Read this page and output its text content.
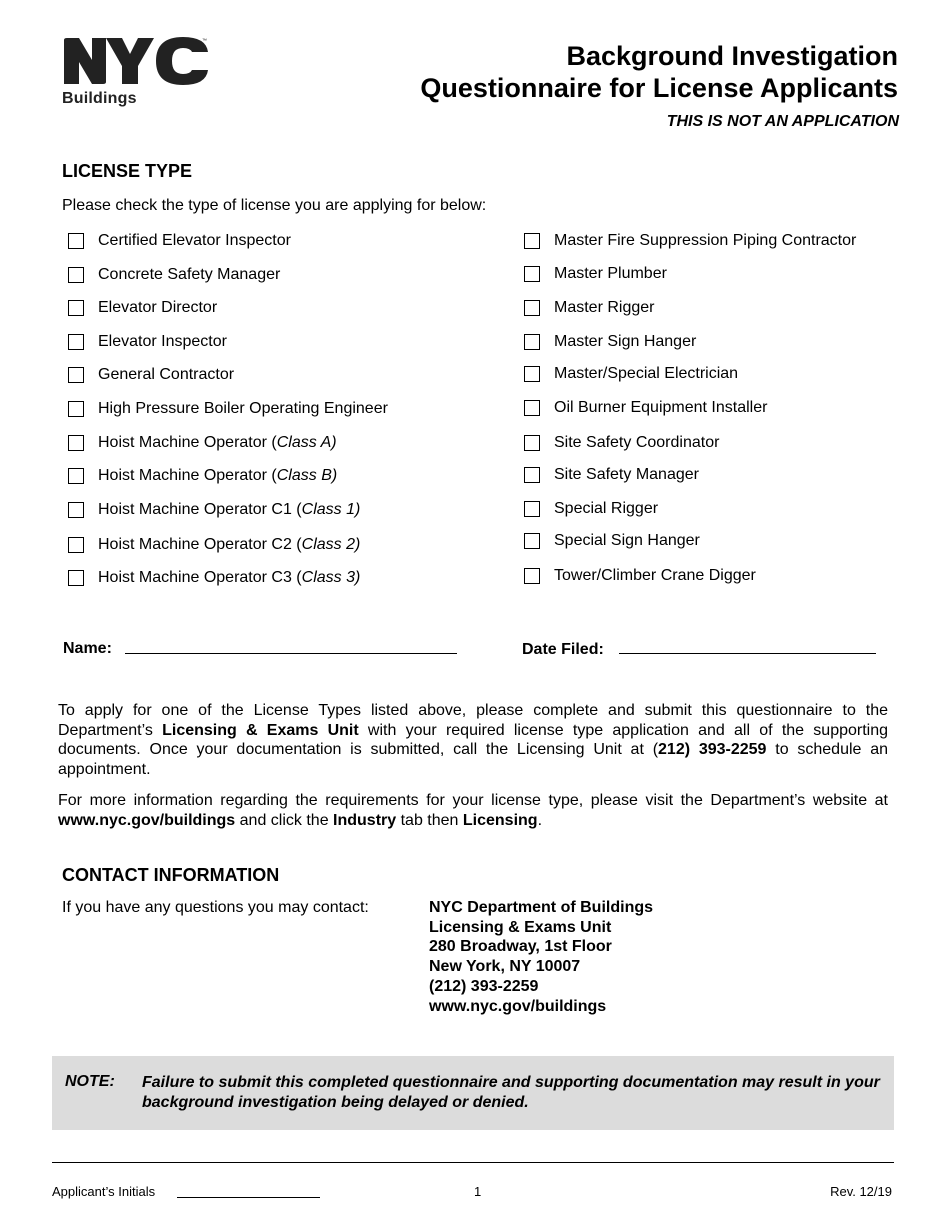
™
Buildings
Background Investigation
Questionnaire for License Applicants
THIS IS NOT AN APPLICATION
LICENSE TYPE
Please check the type of license you are applying for below:
Certified Elevator Inspector
Concrete Safety Manager
Elevator Director
Elevator Inspector
General Contractor
High Pressure Boiler Operating Engineer
Hoist Machine Operator (Class A)
Hoist Machine Operator (Class B)
Hoist Machine Operator C1 (Class 1)
Hoist Machine Operator C2 (Class 2)
Hoist Machine Operator C3 (Class 3)
Master Fire Suppression Piping Contractor
Master Plumber
Master Rigger
Master Sign Hanger
Master/Special Electrician
Oil Burner Equipment Installer
Site Safety Coordinator
Site Safety Manager
Special Rigger
Special Sign Hanger
Tower/Climber Crane Digger
Name:	Date Filed:
To apply for one of the License Types listed above, please complete and submit this questionnaire to the Department’s Licensing & Exams Unit with your required license type application and all of the supporting documents. Once your documentation is submitted, call the Licensing Unit at (212) 393-2259 to schedule an appointment.
For more information regarding the requirements for your license type, please visit the Department’s website at www.nyc.gov/buildings and click the Industry tab then Licensing.
CONTACT INFORMATION
If you have any questions you may contact:	NYC Department of Buildings
Licensing & Exams Unit
280 Broadway, 1st Floor
New York, NY 10007
(212) 393-2259
www.nyc.gov/buildings
NOTE: Failure to submit this completed questionnaire and supporting documentation may result in your background investigation being delayed or denied.
Applicant’s Initials	1	Rev. 12/19
